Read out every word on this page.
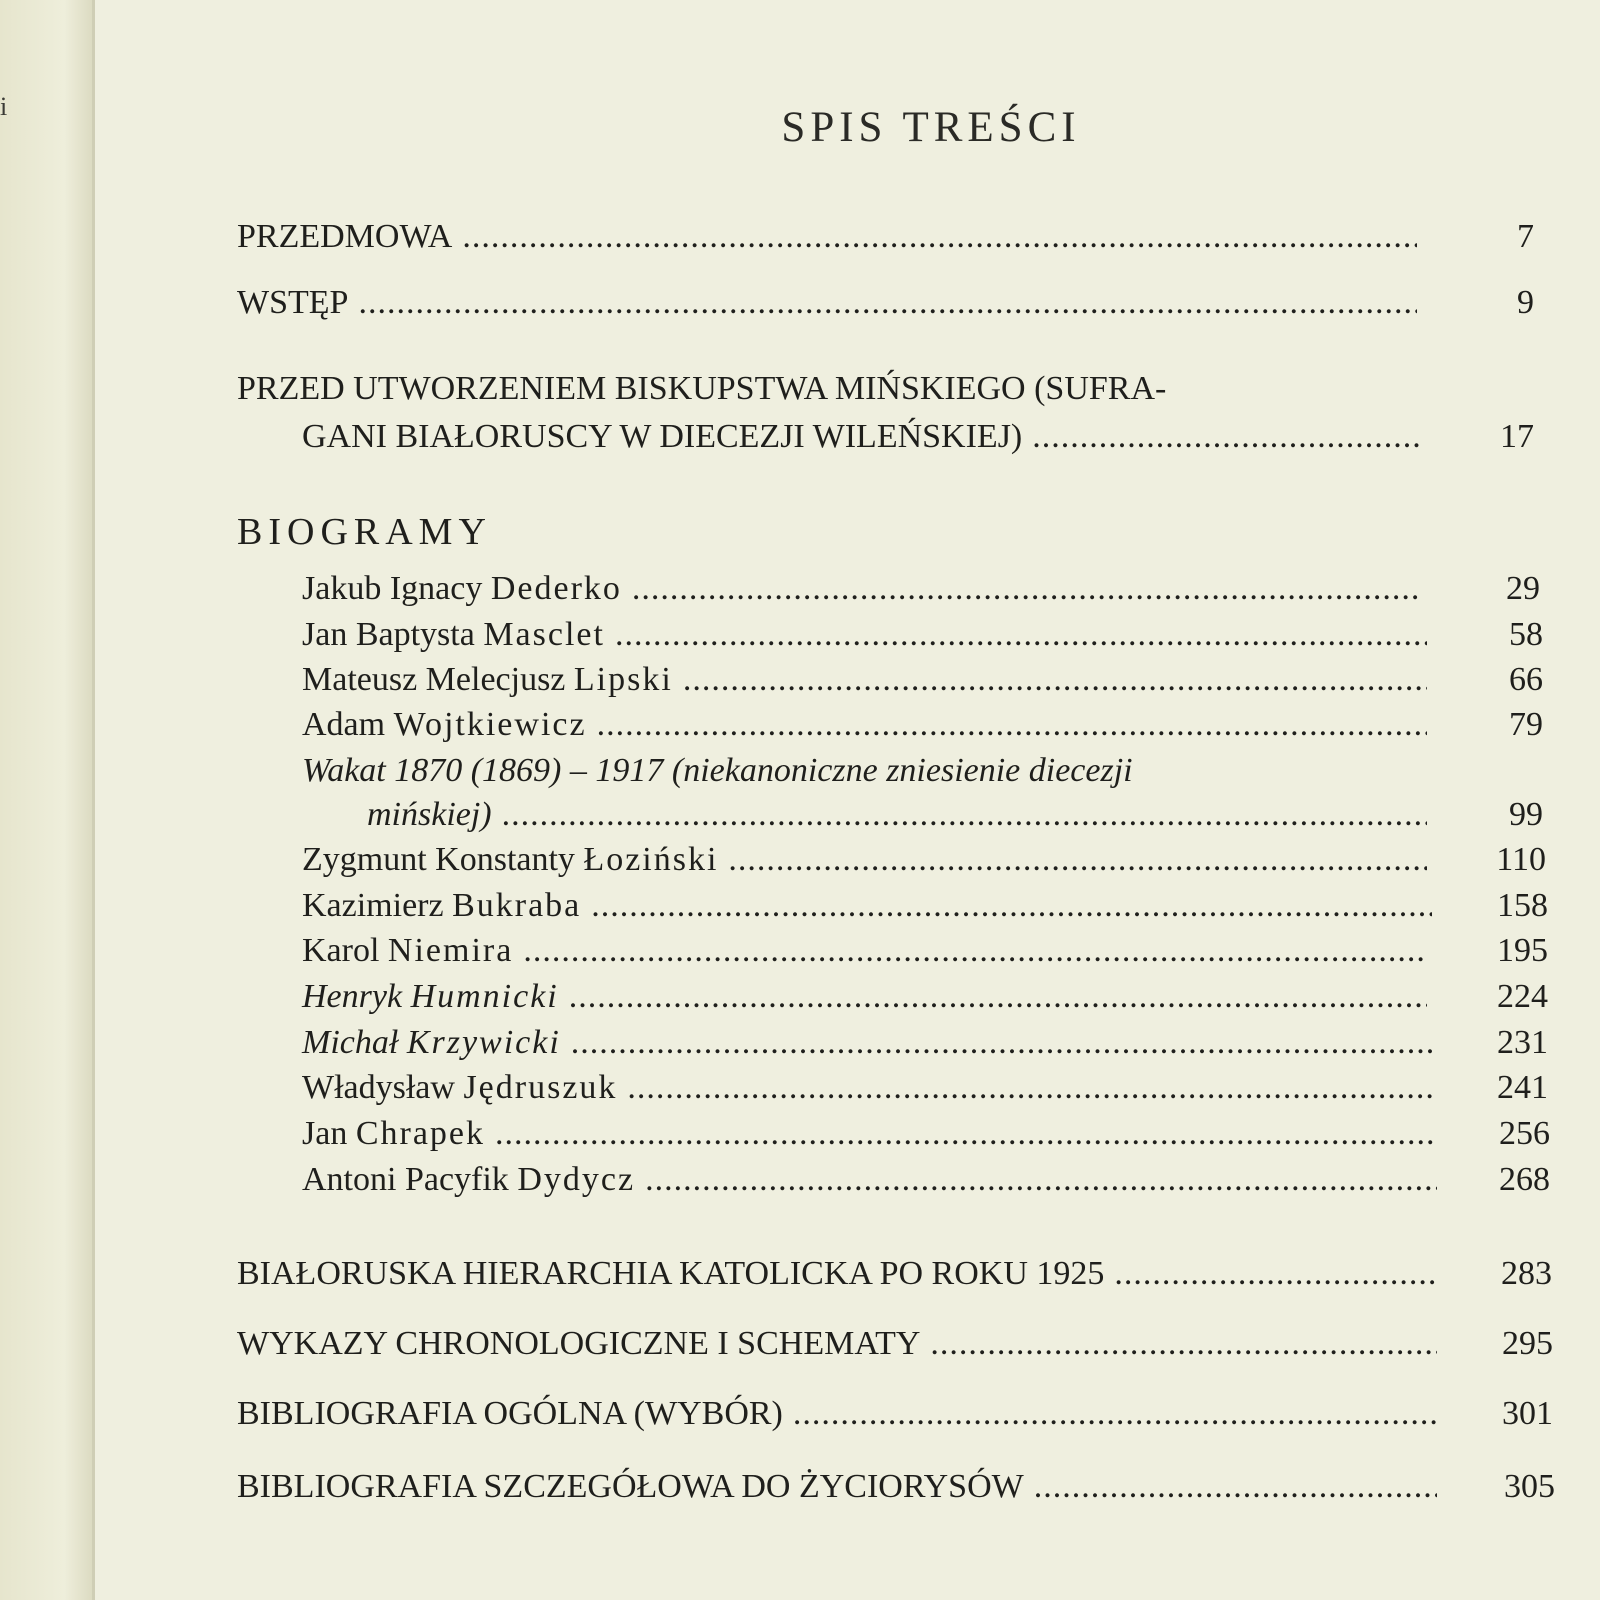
i	SPIS TREŚCI
PRZEDMOWA .....	7
WSTĘP .....	9
PRZED UTWORZENIEM BISKUPSTWA MIŃSKIEGO (SUFRA-
GANI BIAŁORUSCY W DIECEZJI WILEŃSKIEJ) .....	17
BIOGRAMY
Jakub Ignacy Dederko .....	29
Jan Baptysta Masclet .....	58
Mateusz Melecjusz Lipski .....	66
Adam Wojtkiewicz .....	79
Wakat 1870 (1869) – 1917 (niekanoniczne zniesienie diecezji
mińskiej) .....	99
Zygmunt Konstanty Łoziński .....	110
Kazimierz Bukraba .....	158
Karol Niemira .....	195
Henryk Humnicki .....	224
Michał Krzywicki .....	231
Władysław Jędruszuk .....	241
Jan Chrapek .....	256
Antoni Pacyfik Dydycz .....	268
BIAŁORUSKA HIERARCHIA KATOLICKA PO ROKU 1925 .....	283
WYKAZY CHRONOLOGICZNE I SCHEMATY .....	295
BIBLIOGRAFIA OGÓLNA (WYBÓR) .....	301
BIBLIOGRAFIA SZCZEGÓŁOWA DO ŻYCIORYSÓW .....	305
